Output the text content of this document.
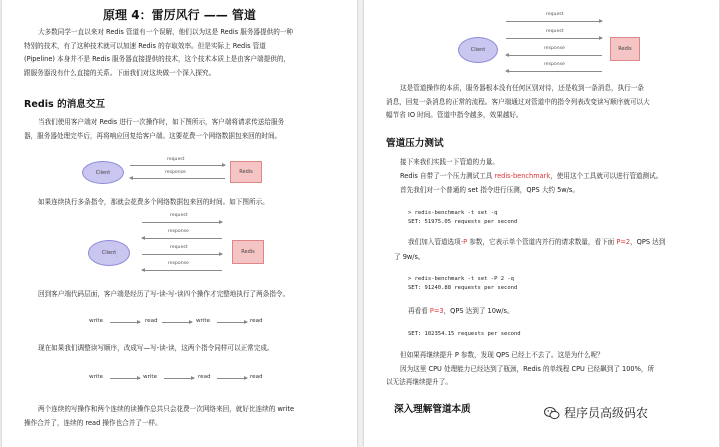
原理 4：雷厉风行 —— 管道
大多数同学一直以来对 Redis 管道有一个误解，他们以为这是 Redis 服务器提供的一种
特别的技术，有了这种技术就可以加速 Redis 的存取效率。但是实际上 Redis 管道
(Pipeline) 本身并不是 Redis 服务器直接提供的技术，这个技术本质上是由客户端提供的，
跟服务器没有什么直接的关系。下面我们对这块做一个深入探究。
Redis 的消息交互
当我们使用客户端对 Redis 进行一次操作时，如下图所示，客户端将请求传送给服务
器，服务器处理完毕后，再将响应回复给客户端。这要花费一个网络数据包来回的时间。
Client
request
response	Redis
如果连续执行多条指令，那就会花费多个网络数据包来回的时间。如下图所示。
Client	Redis
request
response
request
response
回到客户端代码层面，客户端是经历了写-读-写-读四个操作才完整地执行了两条指令。
write	read	write	read
现在如果我们调整读写顺序，改成写—写-读-读，这两个指令同样可以正常完成。
write	write	read	read
两个连续的写操作和两个连续的读操作总共只会花费一次网络来回，就好比连续的 write
操作合并了，连续的 read 操作也合并了一样。
Client	Redis
request
request
response
response
这是管道操作的本质，服务器根本没有任何区别对待，还是收到一条消息，执行一条
消息，回复一条消息的正常的流程。客户端通过对管道中的指令列表改变读写顺序就可以大
幅节省 IO 时间。管道中指令越多，效果越好。
管道压力测试
接下来我们实践一下管道的力量。
Redis 自带了一个压力测试工具 redis-benchmark，使用这个工具就可以进行管道测试。
首先我们对一个普通的 set 指令进行压测，QPS 大约 5w/s。
> redis-benchmark -t set -q
SET: 51975.05 requests per second
我们加入管道选项-P 参数，它表示单个管道内并行的请求数量，看下面 P=2，QPS 达到
了 9w/s。
> redis-benchmark -t set -P 2 -q
SET: 91240.88 requests per second
再看看 P=3，QPS 达到了 10w/s。
SET: 102354.15 requests per second
但如果再继续提升 P 参数，发现 QPS 已经上不去了。这是为什么呢？
因为这里 CPU 处理能力已经达到了瓶颈，Redis 的单线程 CPU 已经飙到了 100%，所
以无法再继续提升了。
深入理解管道本质	程序员高级码农
